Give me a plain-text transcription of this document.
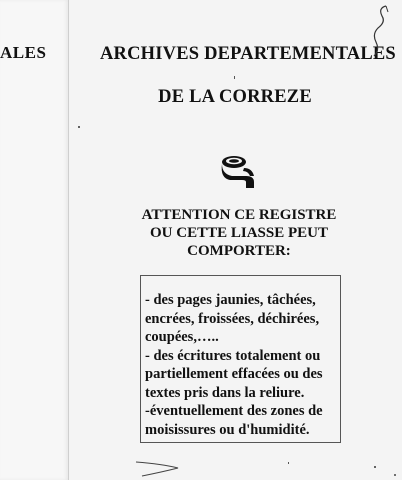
ALES	ARCHIVES DEPARTEMENTALES
DE LA CORREZE
ATTENTION CE REGISTRE
OU CETTE LIASSE PEUT
COMPORTER:
- des pages jaunies, tâchées,
encrées, froissées, déchirées,
coupées,…..
- des écritures totalement ou
partiellement effacées ou des
textes pris dans la reliure.
-éventuellement des zones de
moisissures ou d'humidité.
